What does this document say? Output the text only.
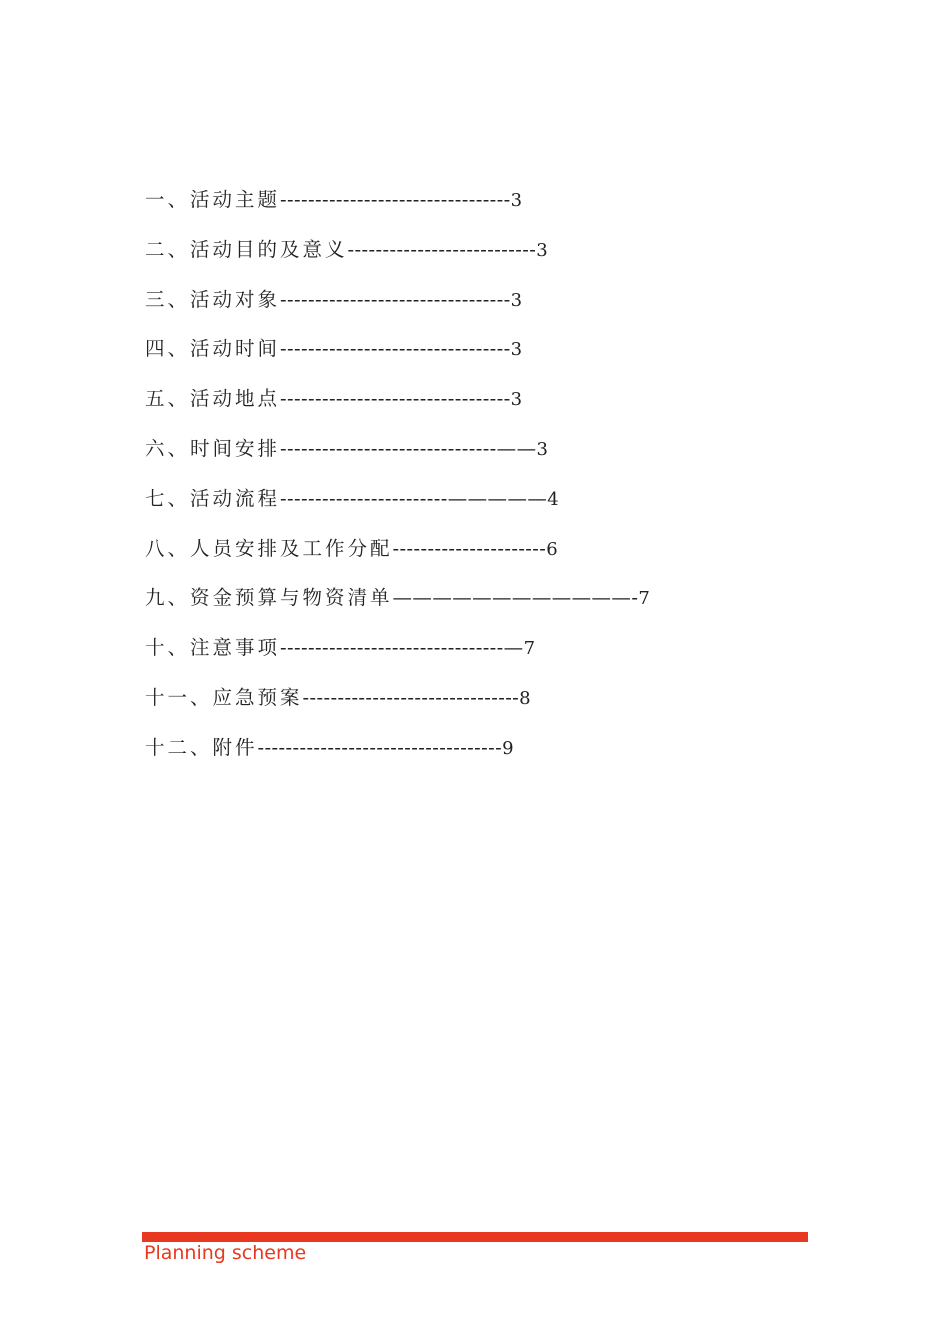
一、活动主题---------------------------------3
二、活动目的及意义---------------------------3
三、活动对象---------------------------------3
四、活动时间---------------------------------3
五、活动地点---------------------------------3
六、时间安排-------------------------------——3
七、活动流程------------------------—————4
八、人员安排及工作分配----------------------6
九、资金预算与物资清单————————————-7
十、注意事项--------------------------------—7
十一、应急预案-------------------------------8
十二、附件-----------------------------------9
Planning scheme
